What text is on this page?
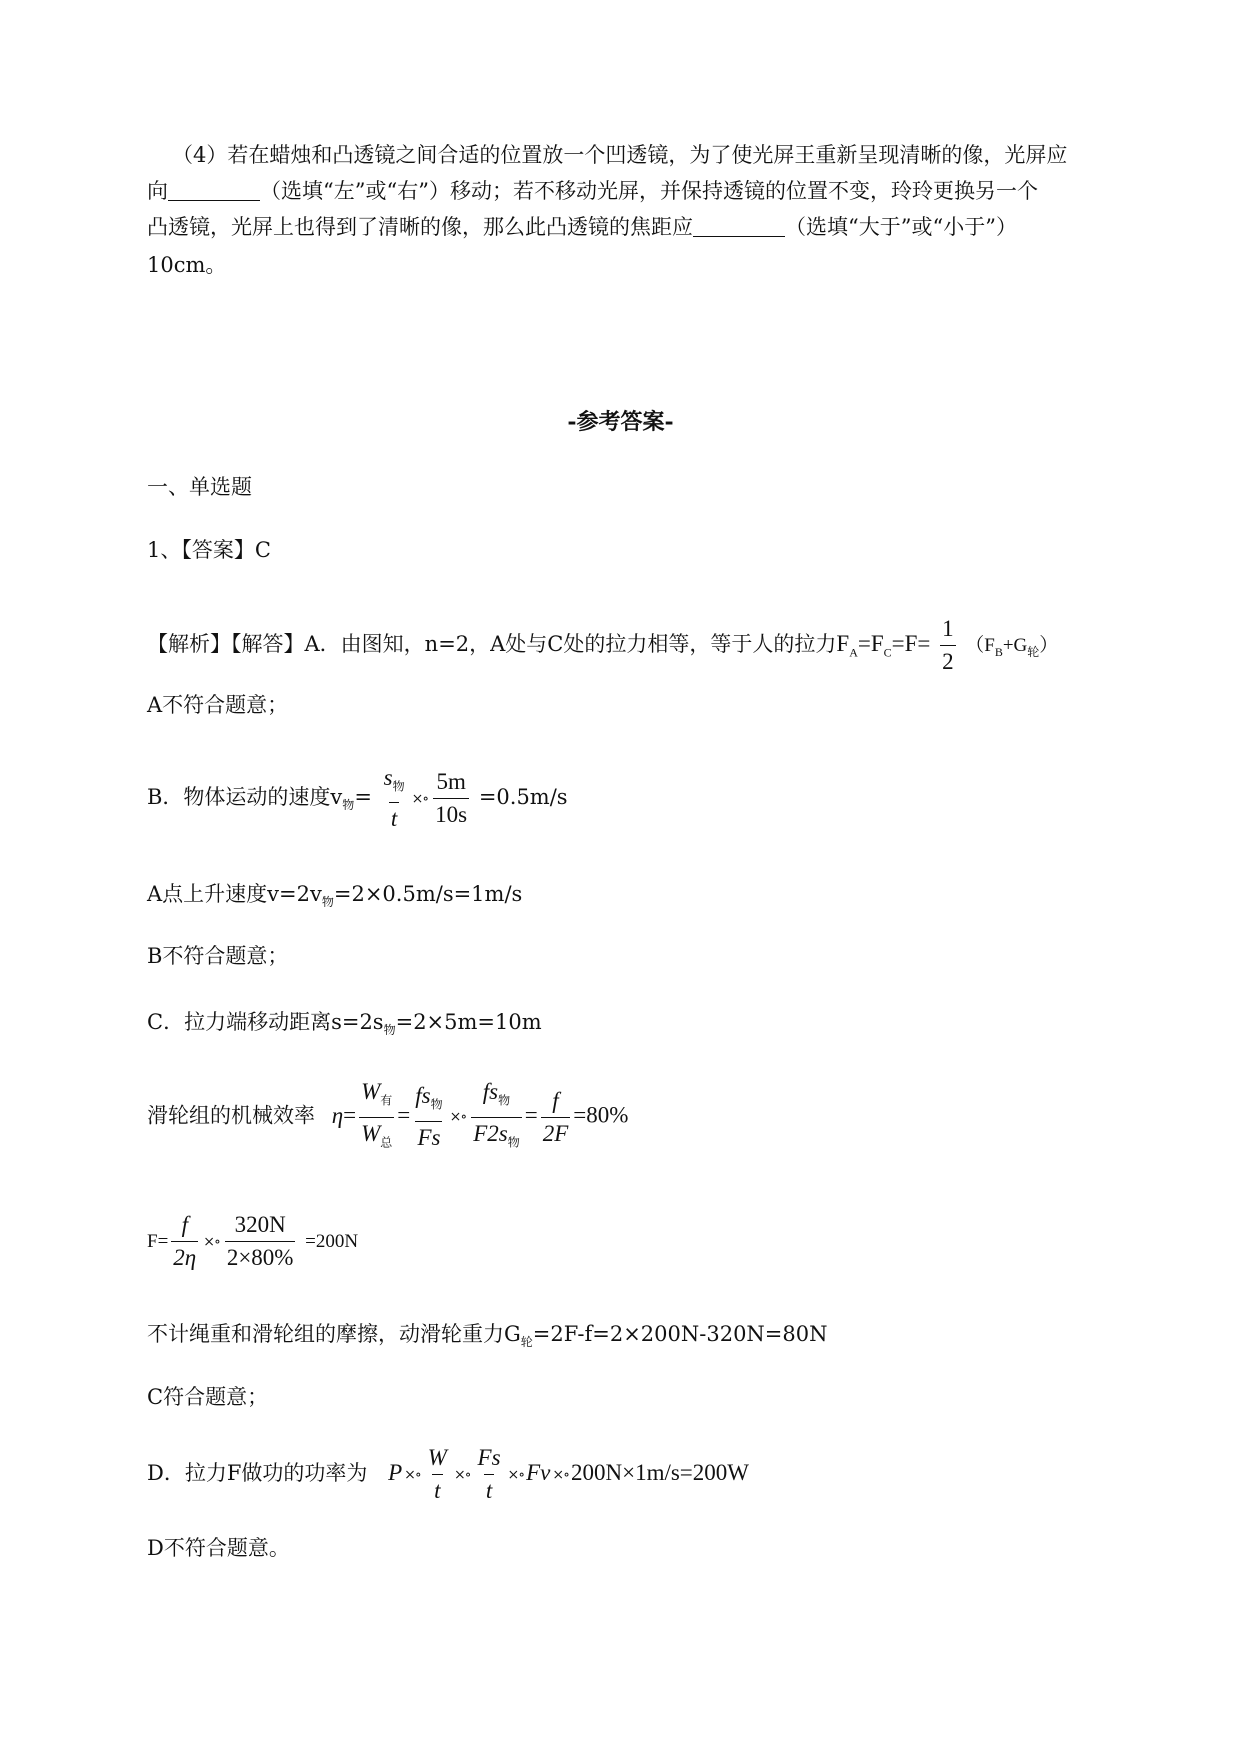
（4）若在蜡烛和凸透镜之间合适的位置放一个凹透镜，为了使光屏王重新呈现清晰的像，光屏应
向	（选填“左”或“右”）移动；若不移动光屏，并保持透镜的位置不变，玲玲更换另一个
凸透镜，光屏上也得到了清晰的像，那么此凸透镜的焦距应	（选填“大于”或“小于”）
10cm。
-参考答案-
一、单选题
1、【答案】C
【解析】【解答】A．由图知，n=2，A处与C处的拉力相等，等于人的拉力$F_A=F_C=F= \frac{1}{2} (F_B+G_轮)$
A不符合题意；
B．物体运动的速度$v_物= \frac{s_物}{t}$ ×∘ $\frac{5m}{10s} =0.5m/s$
A点上升速度$v=2v_物=2\times 0.5m/s=1m/s$
B不符合题意；
C．拉力端移动距离$s=2s_物=2\times 5m=10m$
滑轮组的机械效率 $\eta= \frac{W_有}{W_总} = \frac{fs_物}{Fs}$ ×∘ $\frac{fs_物}{F2s_物} = \frac{f}{2F} =80\%$
$F= \frac{f}{2\eta}$ ×∘ $\frac{320N}{2\times 80\%} =200N$
不计绳重和滑轮组的摩擦，动滑轮重力$G_轮=2F-f=2\times 200N-320N=80N$
C符合题意；
D．拉力F做功的功率为 P ×∘ $\frac{W}{t}$ ×∘ $\frac{Fs}{t}$ ×∘Fv ×∘200N×1m/s=200W
D不符合题意。
